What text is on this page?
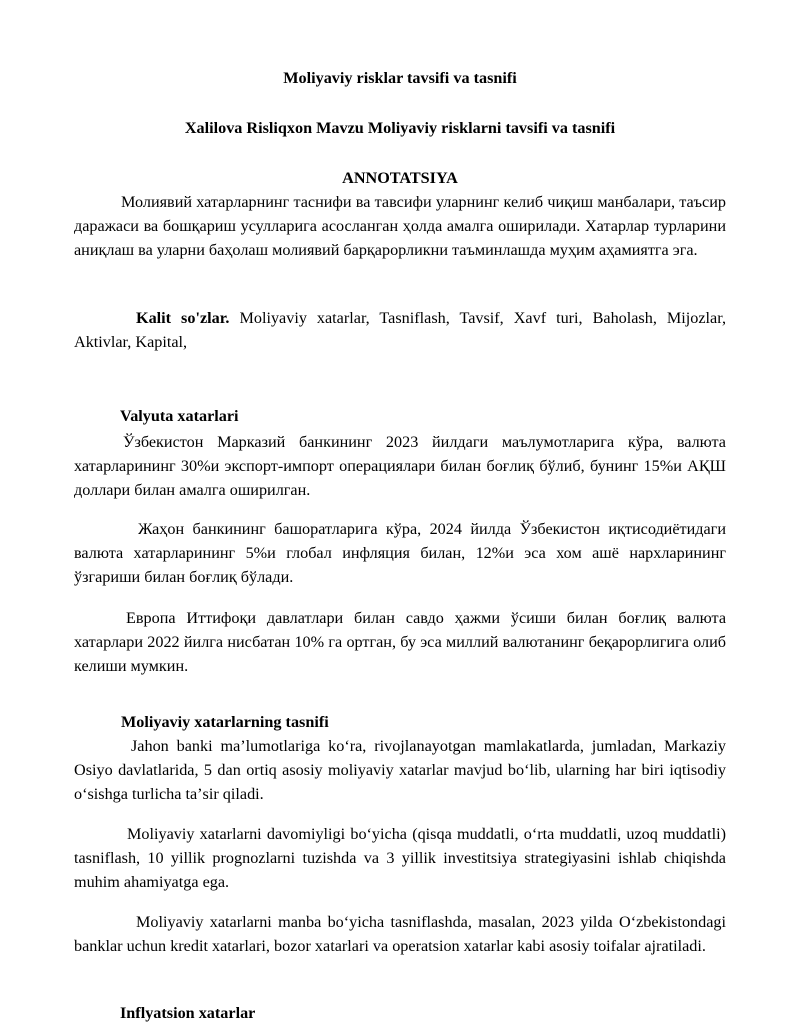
Moliyaviy risklar tavsifi va tasnifi

Xalilova Risliqxon Mavzu Moliyaviy risklarni tavsifi va tasnifi

ANNOTATSIYA

Молиявий хатарларнинг таснифи ва тавсифи уларнинг келиб чиқиш манбалари, таъсир даражаси ва бошқариш усулларига асосланган ҳолда амалга оширилади. Хатарлар турларини аниқлаш ва уларни баҳолаш молиявий барқарорликни таъминлашда муҳим аҳамиятга эга.

Kalit so'zlar. Moliyaviy xatarlar, Tasniflash, Tavsif, Xavf turi, Baholash, Mijozlar, Aktivlar, Kapital,

Valyuta xatarlari

Ўзбекистон Марказий банкининг 2023 йилдаги маълумотларига кўра, валюта хатарларининг 30%и экспорт-импорт операциялари билан боғлиқ бўлиб, бунинг 15%и АҚШ доллари билан амалга оширилган.

Жаҳон банкининг башоратларига кўра, 2024 йилда Ўзбекистон иқтисодиётидаги валюта хатарларининг 5%и глобал инфляция билан, 12%и эса хом ашё нархларининг ўзгариши билан боғлиқ бўлади.

Европа Иттифоқи давлатлари билан савдо ҳажми ўсиши билан боғлиқ валюта хатарлари 2022 йилга нисбатан 10% га ортган, бу эса миллий валютанинг беқарорлигига олиб келиши мумкин.

Moliyaviy xatarlarning tasnifi

Jahon banki maʼlumotlariga koʻra, rivojlanayotgan mamlakatlarda, jumladan, Markaziy Osiyo davlatlarida, 5 dan ortiq asosiy moliyaviy xatarlar mavjud boʻlib, ularning har biri iqtisodiy oʻsishga turlicha taʼsir qiladi.

Moliyaviy xatarlarni davomiyligi boʻyicha (qisqa muddatli, oʻrta muddatli, uzoq muddatli) tasniflash, 10 yillik prognozlarni tuzishda va 3 yillik investitsiya strategiyasini ishlab chiqishda muhim ahamiyatga ega.

Moliyaviy xatarlarni manba boʻyicha tasniflashda, masalan, 2023 yilda Oʻzbekistondagi banklar uchun kredit xatarlari, bozor xatarlari va operatsion xatarlar kabi asosiy toifalar ajratiladi.

Inflyatsion xatarlar
